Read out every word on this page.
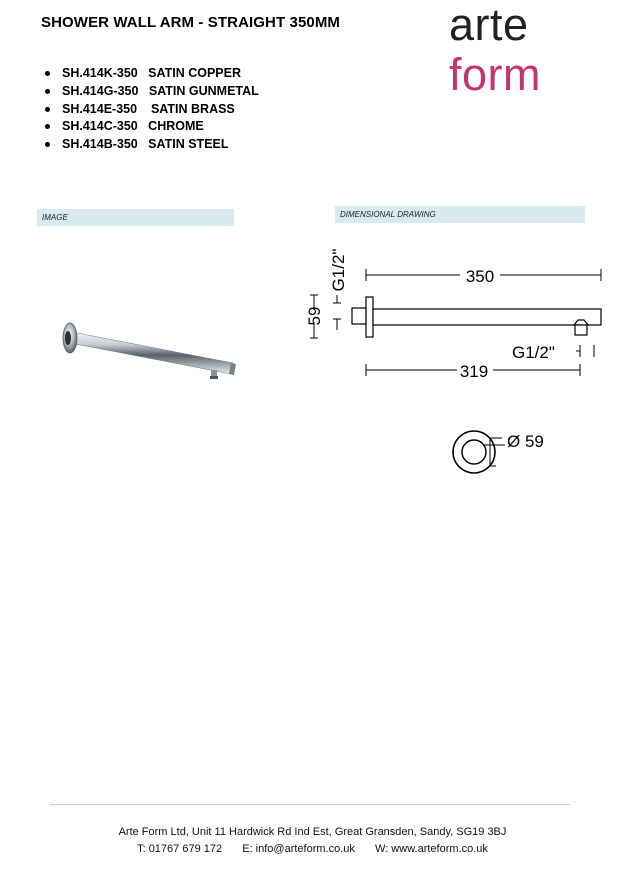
SHOWER WALL ARM - STRAIGHT 350MM arte
form
SH.414K-350 SATIN COPPER
SH.414G-350 SATIN GUNMETAL
SH.414E-350 SATIN BRASS
SH.414C-350 CHROME
SH.414B-350 SATIN STEEL
IMAGE	DIMENSIONAL DRAWING
350
319
59
G1/2"
G1/2"
Ø 59
Arte Form Ltd, Unit 11 Hardwick Rd Ind Est, Great Gransden, Sandy, SG19 3BJ
T: 01767 679 172 E: info@arteform.co.uk W: www.arteform.co.uk
